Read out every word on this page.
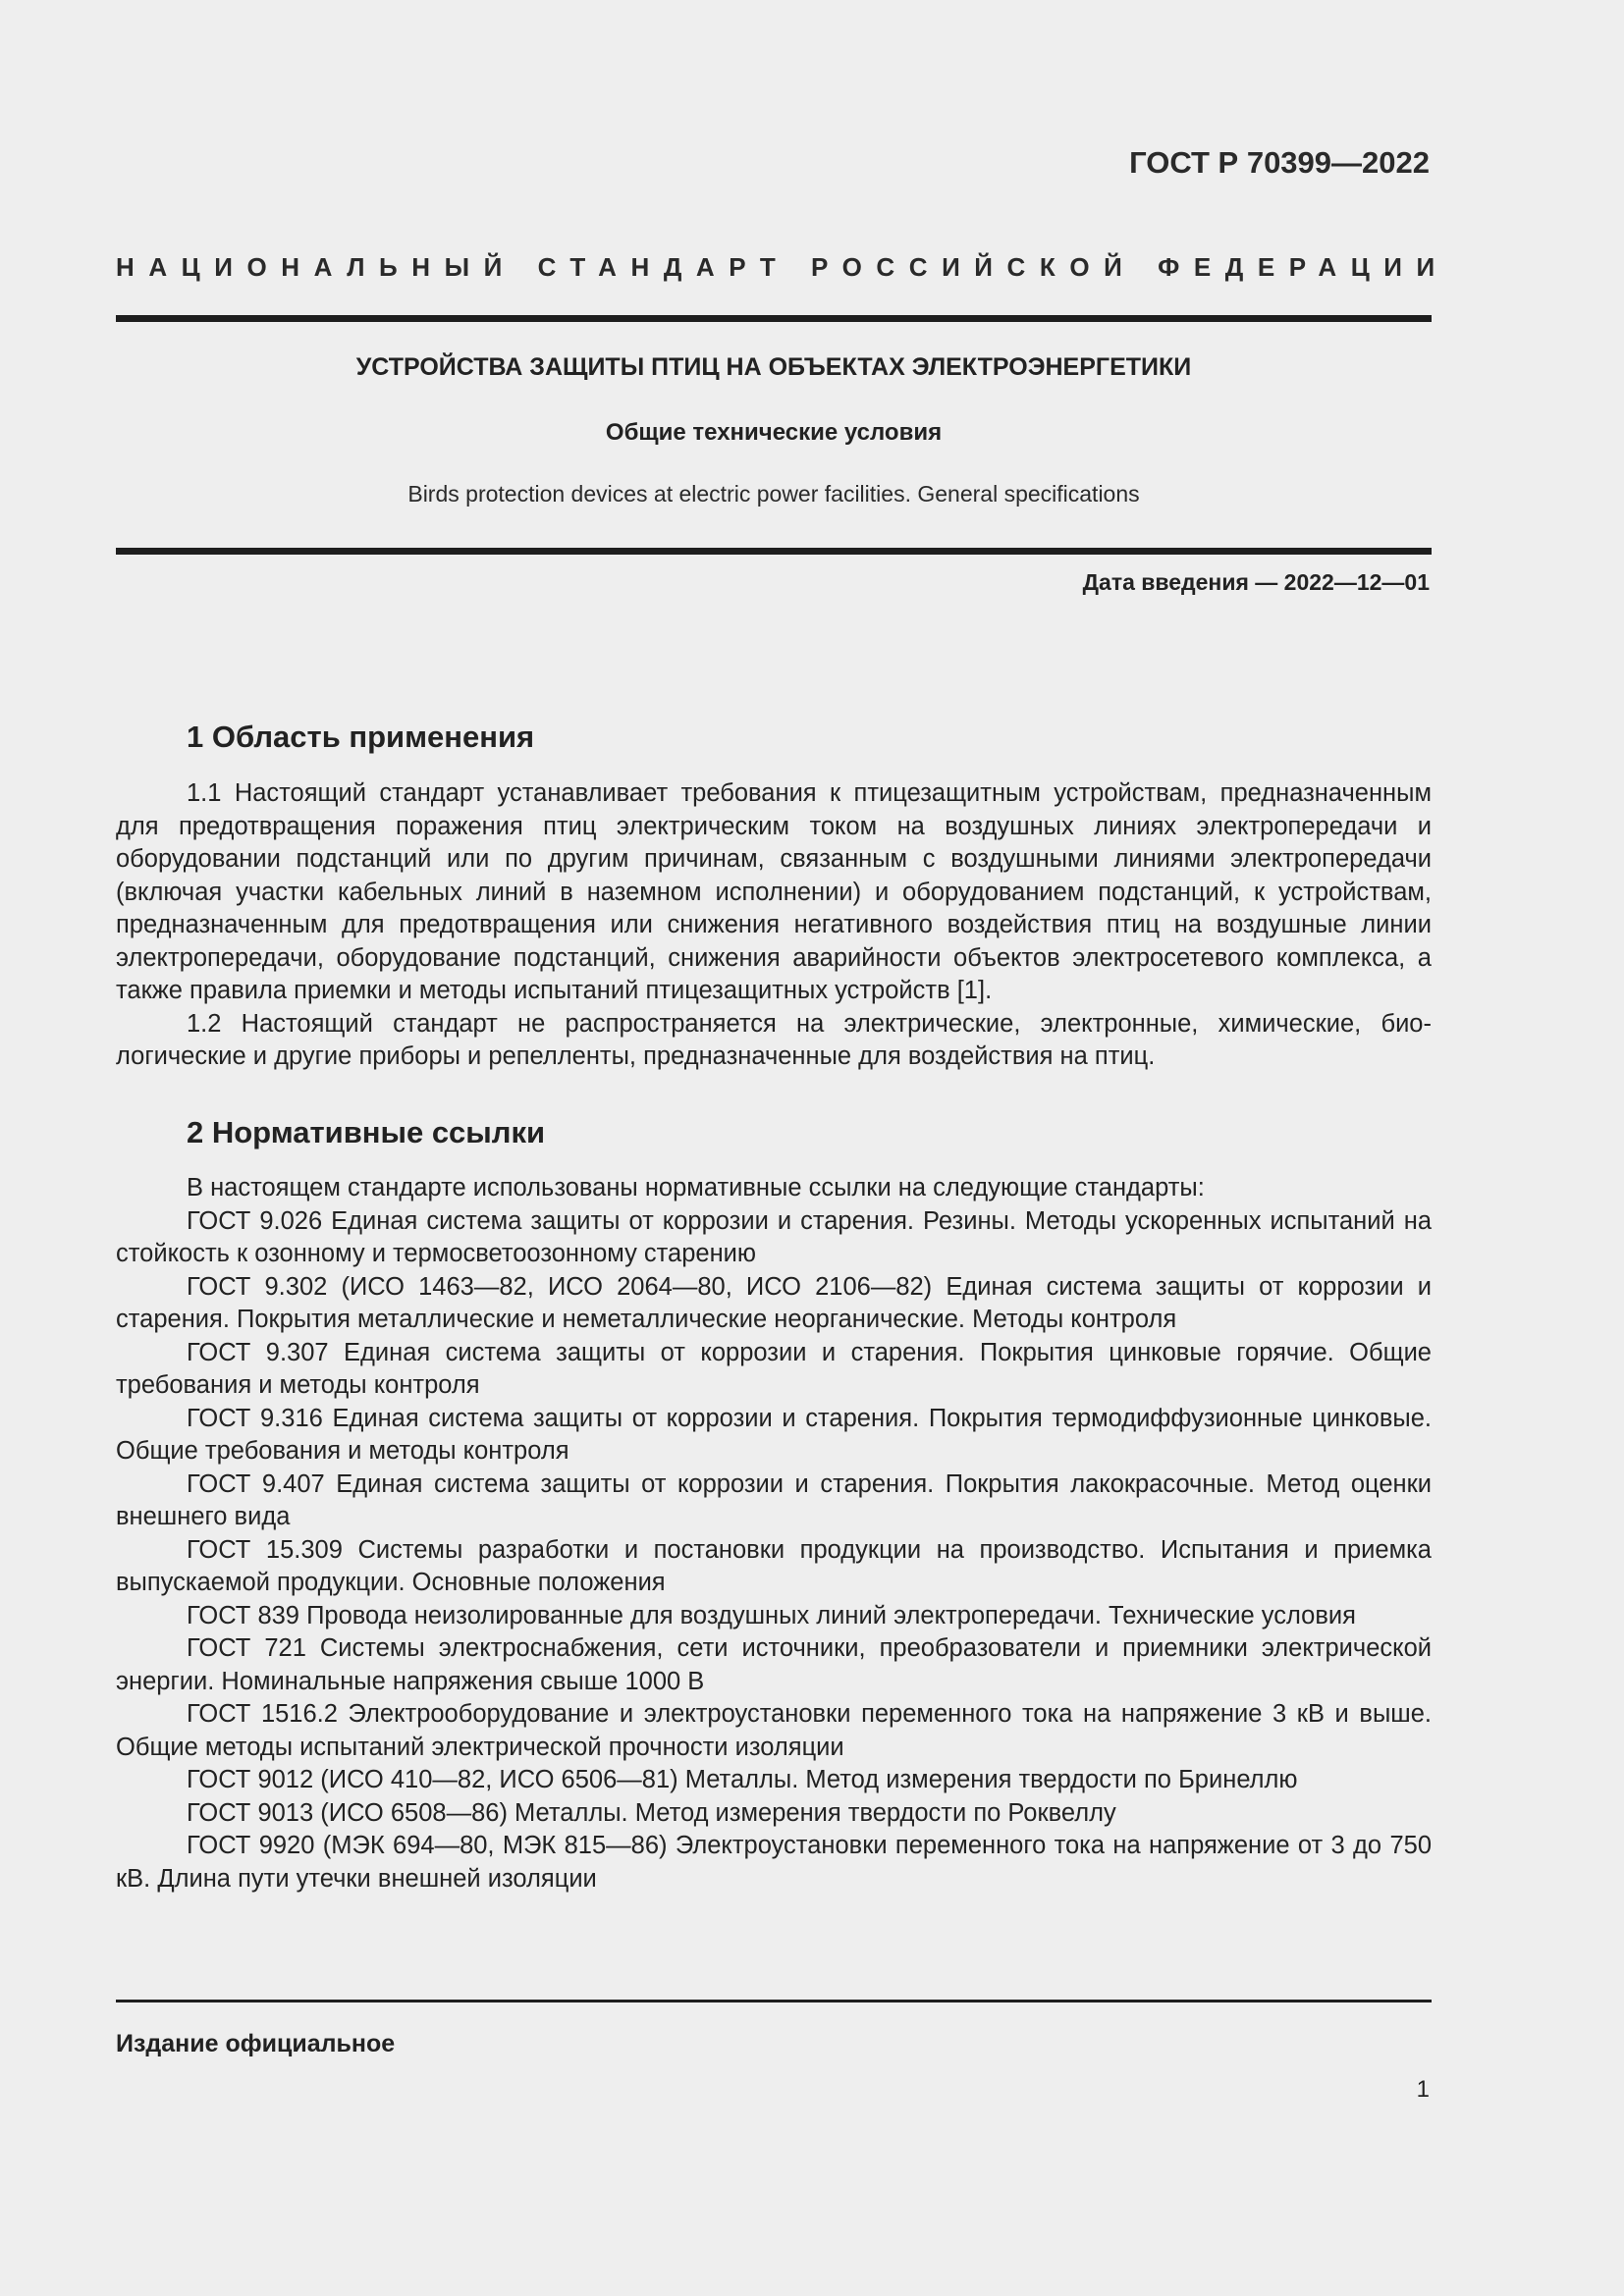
ГОСТ Р 70399—2022
НАЦИОНАЛЬНЫЙ СТАНДАРТ РОССИЙСКОЙ ФЕДЕРАЦИИ
УСТРОЙСТВА ЗАЩИТЫ ПТИЦ НА ОБЪЕКТАХ ЭЛЕКТРОЭНЕРГЕТИКИ
Общие технические условия
Birds protection devices at electric power facilities. General specifications
Дата введения — 2022—12—01
1 Область применения
1.1 Настоящий стандарт устанавливает требования к птицезащитным устройствам, предназначенным для предотвращения поражения птиц электрическим током на воздушных линиях электропередачи и оборудовании подстанций или по другим причинам, связанным с воздушными линиями электропередачи (включая участки кабельных линий в наземном исполнении) и оборудованием подстанций, к устройствам, предназначенным для предотвращения или снижения негативного воздействия птиц на воздушные линии электропередачи, оборудование подстанций, снижения аварийности объектов электросетевого комплекса, а также правила приемки и методы испытаний птицезащитных устройств [1].
1.2 Настоящий стандарт не распространяется на электрические, электронные, химические, биологические и другие приборы и репелленты, предназначенные для воздействия на птиц.
2 Нормативные ссылки
В настоящем стандарте использованы нормативные ссылки на следующие стандарты:
ГОСТ 9.026 Единая система защиты от коррозии и старения. Резины. Методы ускоренных испытаний на стойкость к озонному и термосветоозонному старению
ГОСТ 9.302 (ИСО 1463—82, ИСО 2064—80, ИСО 2106—82) Единая система защиты от коррозии и старения. Покрытия металлические и неметаллические неорганические. Методы контроля
ГОСТ 9.307 Единая система защиты от коррозии и старения. Покрытия цинковые горячие. Общие требования и методы контроля
ГОСТ 9.316 Единая система защиты от коррозии и старения. Покрытия термодиффузионные цинковые. Общие требования и методы контроля
ГОСТ 9.407 Единая система защиты от коррозии и старения. Покрытия лакокрасочные. Метод оценки внешнего вида
ГОСТ 15.309 Системы разработки и постановки продукции на производство. Испытания и приемка выпускаемой продукции. Основные положения
ГОСТ 839 Провода неизолированные для воздушных линий электропередачи. Технические условия
ГОСТ 721 Системы электроснабжения, сети источники, преобразователи и приемники электрической энергии. Номинальные напряжения свыше 1000 В
ГОСТ 1516.2 Электрооборудование и электроустановки переменного тока на напряжение 3 кВ и выше. Общие методы испытаний электрической прочности изоляции
ГОСТ 9012 (ИСО 410—82, ИСО 6506—81) Металлы. Метод измерения твердости по Бринеллю
ГОСТ 9013 (ИСО 6508—86) Металлы. Метод измерения твердости по Роквеллу
ГОСТ 9920 (МЭК 694—80, МЭК 815—86) Электроустановки переменного тока на напряжение от 3 до 750 кВ. Длина пути утечки внешней изоляции
Издание официальное
1
